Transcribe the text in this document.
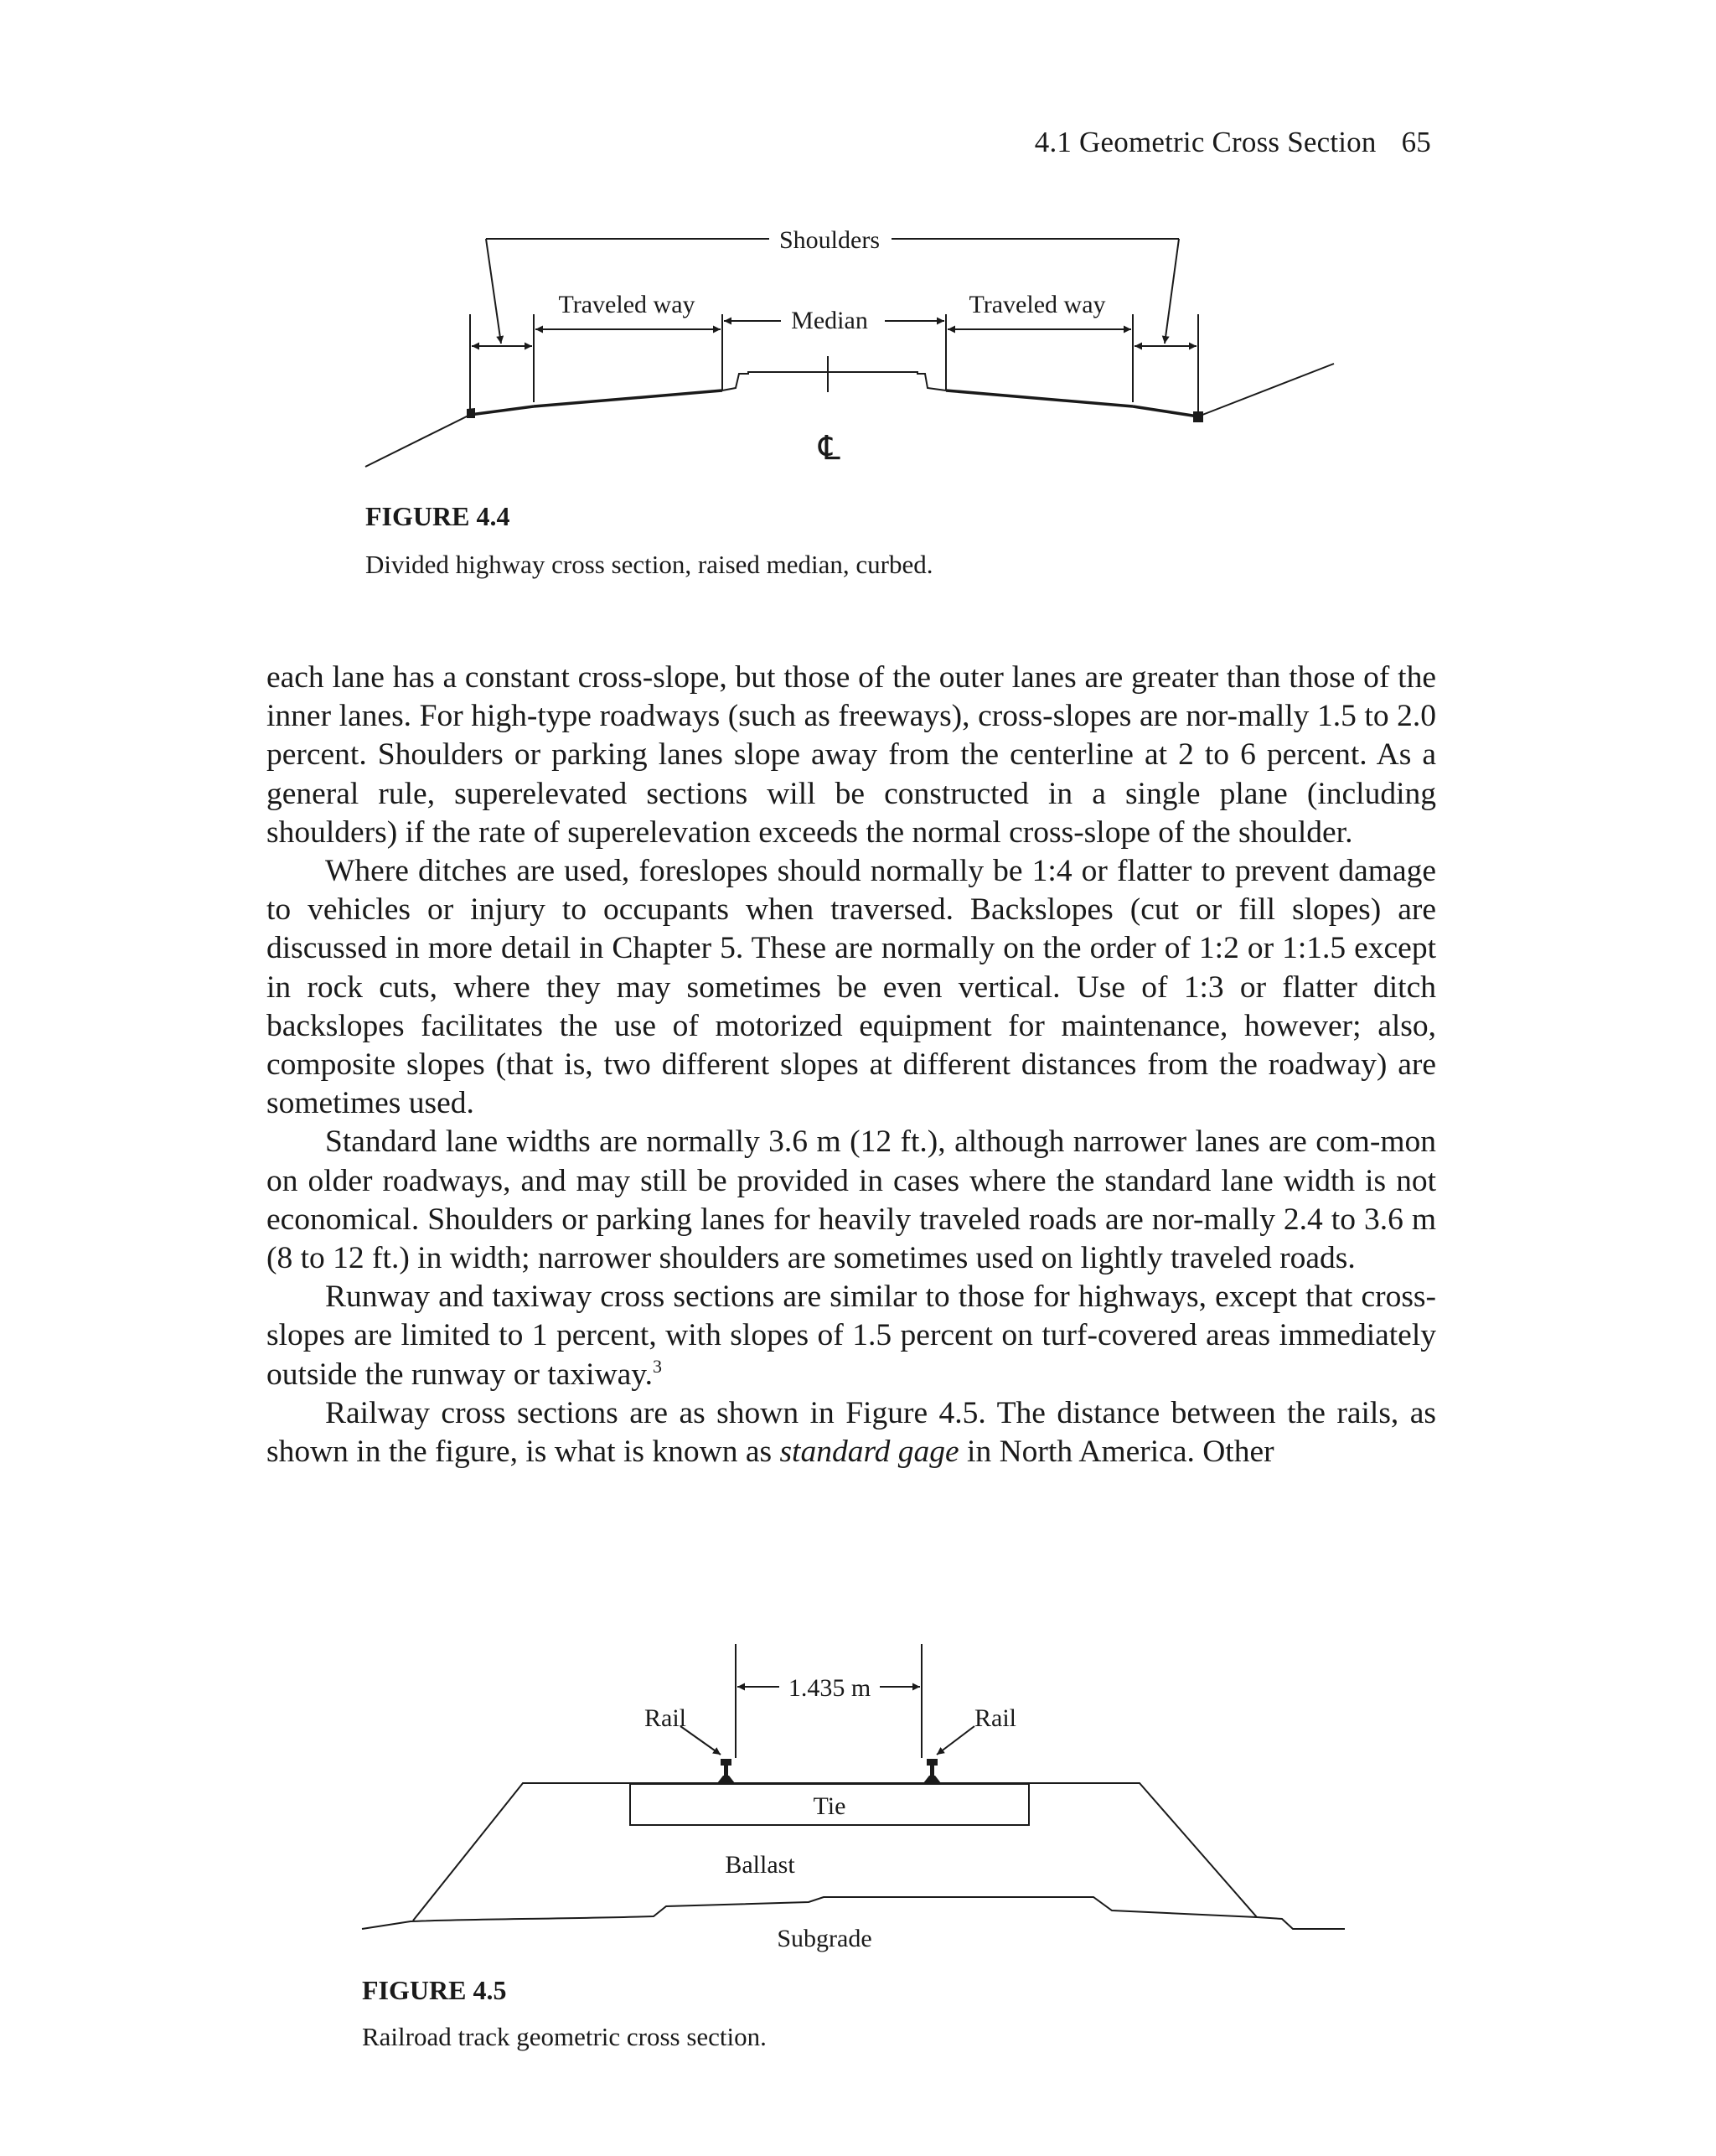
4.1 Geometric Cross Section 65
Shoulders
Traveled way
Median
Traveled way
℄
FIGURE 4.4
Divided highway cross section, raised median, curbed.

each lane has a constant cross-slope, but those of the outer lanes are greater than those of the inner lanes. For high-type roadways (such as freeways), cross-slopes are nor-mally 1.5 to 2.0 percent. Shoulders or parking lanes slope away from the centerline at 2 to 6 percent. As a general rule, superelevated sections will be constructed in a single plane (including shoulders) if the rate of superelevation exceeds the normal cross-slope of the shoulder.

Where ditches are used, foreslopes should normally be 1:4 or flatter to prevent damage to vehicles or injury to occupants when traversed. Backslopes (cut or fill slopes) are discussed in more detail in Chapter 5. These are normally on the order of 1:2 or 1:1.5 except in rock cuts, where they may sometimes be even vertical. Use of 1:3 or flatter ditch backslopes facilitates the use of motorized equipment for maintenance, however; also, composite slopes (that is, two different slopes at different distances from the roadway) are sometimes used.

Standard lane widths are normally 3.6 m (12 ft.), although narrower lanes are com-mon on older roadways, and may still be provided in cases where the standard lane width is not economical. Shoulders or parking lanes for heavily traveled roads are nor-mally 2.4 to 3.6 m (8 to 12 ft.) in width; narrower shoulders are sometimes used on lightly traveled roads.

Runway and taxiway cross sections are similar to those for highways, except that cross-slopes are limited to 1 percent, with slopes of 1.5 percent on turf-covered areas immediately outside the runway or taxiway.$^3$

Railway cross sections are as shown in Figure 4.5. The distance between the rails, as shown in the figure, is what is known as standard gage in North America. Other

1.435 m
Rail	Rail
Tie
Ballast
Subgrade
FIGURE 4.5
Railroad track geometric cross section.
